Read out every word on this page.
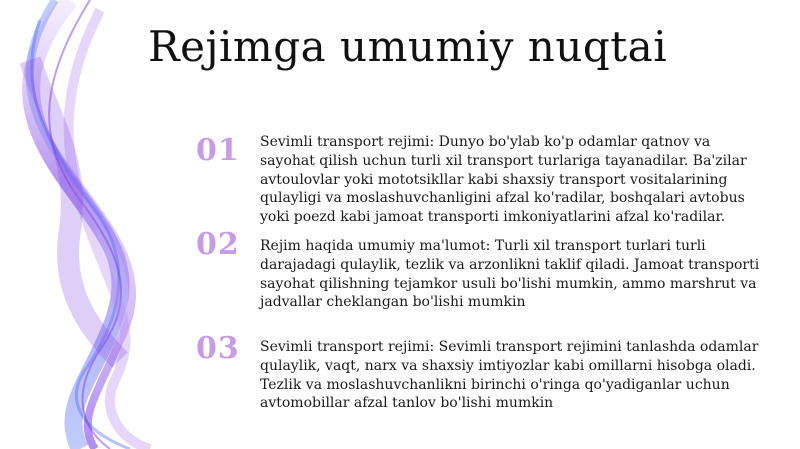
Rejimga umumiy nuqtai
01	Sevimli transport rejimi: Dunyo bo'ylab ko'p odamlar qatnov va sayohat qilish uchun turli xil transport turlariga tayanadilar. Ba'zilar avtoulovlar yoki mototsikllar kabi shaxsiy transport vositalarining qulayligi va moslashuvchanligini afzal ko'radilar, boshqalari avtobus yoki poezd kabi jamoat transporti imkoniyatlarini afzal ko'radilar.
02	Rejim haqida umumiy ma'lumot: Turli xil transport turlari turli darajadagi qulaylik, tezlik va arzonlikni taklif qiladi. Jamoat transporti sayohat qilishning tejamkor usuli bo'lishi mumkin, ammo marshrut va jadvallar cheklangan bo'lishi mumkin
03	Sevimli transport rejimi: Sevimli transport rejimini tanlashda odamlar qulaylik, vaqt, narx va shaxsiy imtiyozlar kabi omillarni hisobga oladi. Tezlik va moslashuvchanlikni birinchi o'ringa qo'yadiganlar uchun avtomobillar afzal tanlov bo'lishi mumkin
